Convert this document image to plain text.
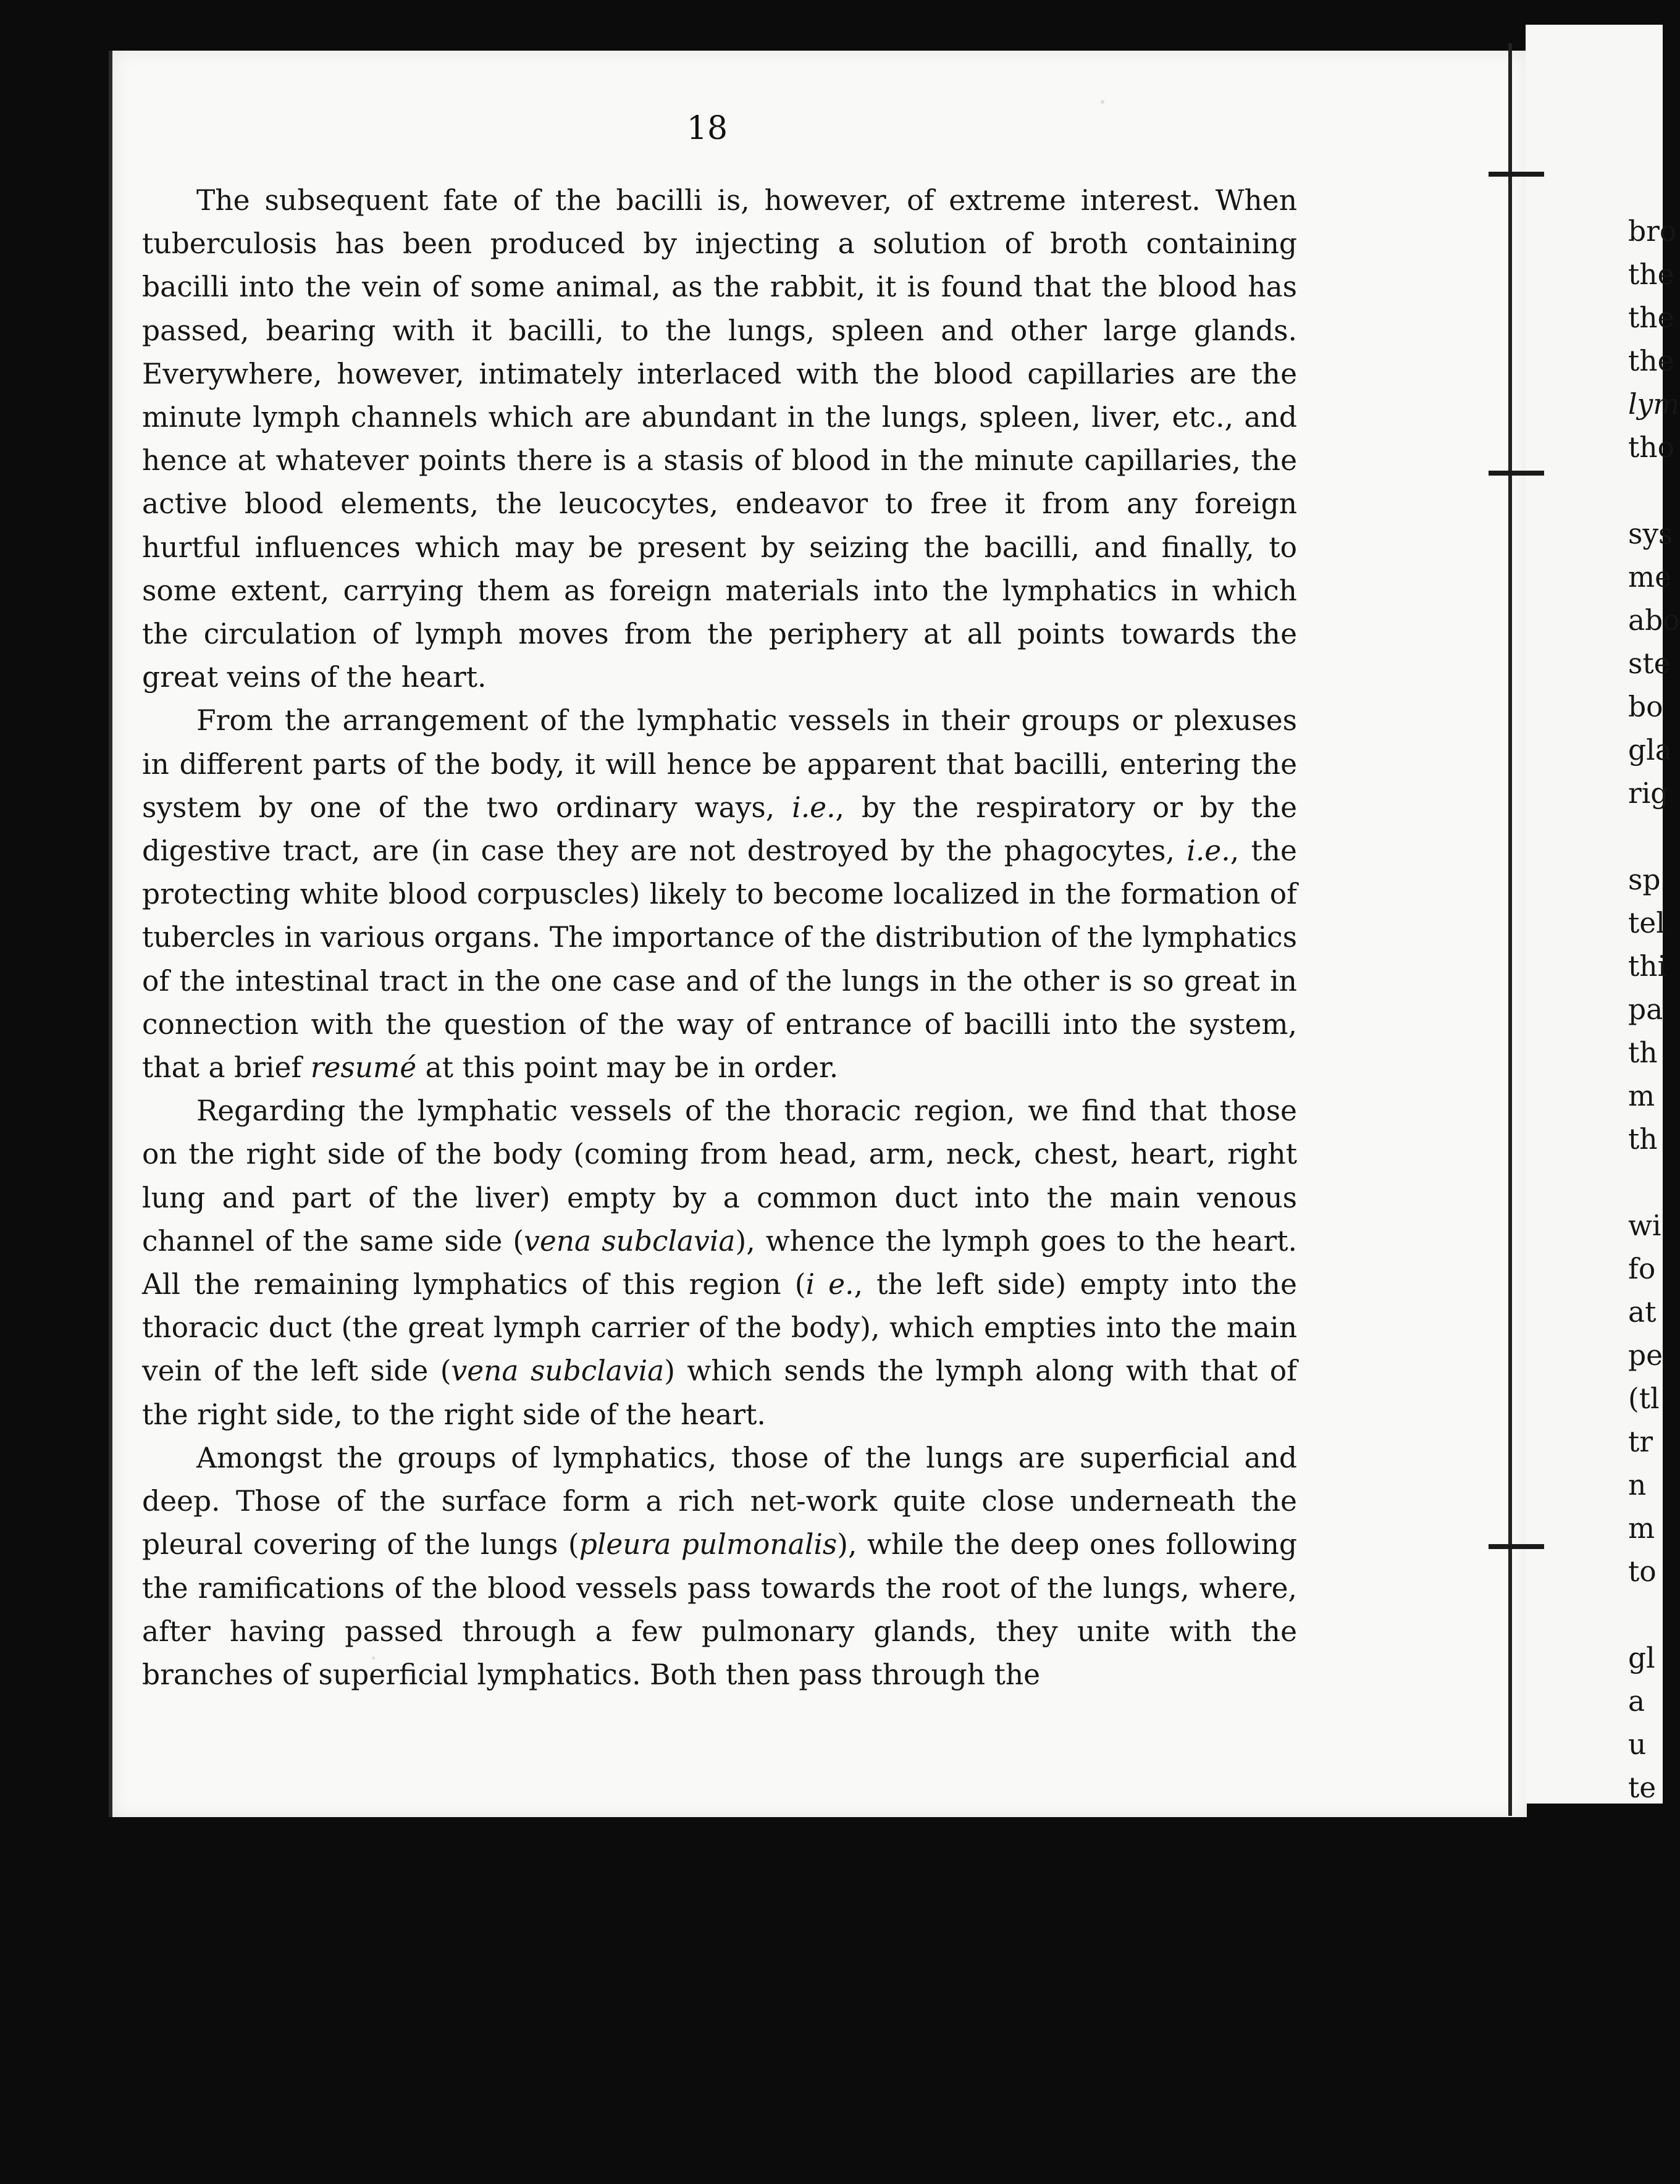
18

The subsequent fate of the bacilli is, however, of extreme interest. When tuberculosis has been produced by injecting a solution of broth containing bacilli into the vein of some animal, as the rabbit, it is found that the blood has passed, bearing with it bacilli, to the lungs, spleen and other large glands. Everywhere, however, intimately interlaced with the blood capillaries are the minute lymph channels which are abundant in the lungs, spleen, liver, etc., and hence at whatever points there is a stasis of blood in the minute capillaries, the active blood elements, the leucocytes, endeavor to free it from any foreign hurtful influences which may be present by seizing the bacilli, and finally, to some extent, carrying them as foreign materials into the lymphatics in which the circulation of lymph moves from the periphery at all points towards the great veins of the heart.

From the arrangement of the lymphatic vessels in their groups or plexuses in different parts of the body, it will hence be apparent that bacilli, entering the system by one of the two ordinary ways, i.e., by the respiratory or by the digestive tract, are (in case they are not destroyed by the phagocytes, i.e., the protecting white blood corpuscles) likely to become localized in the formation of tubercles in various organs. The importance of the distribution of the lymphatics of the intestinal tract in the one case and of the lungs in the other is so great in connection with the question of the way of entrance of bacilli into the system, that a brief resumé at this point may be in order.

Regarding the lymphatic vessels of the thoracic region, we find that those on the right side of the body (coming from head, arm, neck, chest, heart, right lung and part of the liver) empty by a common duct into the main venous channel of the same side (vena subclavia), whence the lymph goes to the heart. All the remaining lymphatics of this region (i e., the left side) empty into the thoracic duct (the great lymph carrier of the body), which empties into the main vein of the left side (vena subclavia) which sends the lymph along with that of the right side, to the right side of the heart.

Amongst the groups of lymphatics, those of the lungs are superficial and deep. Those of the surface form a rich net-work quite close underneath the pleural covering of the lungs (pleura pulmonalis), while the deep ones following the ramifications of the blood vessels pass towards the root of the lungs, where, after having passed through a few pulmonary glands, they unite with the branches of superficial lymphatics. Both then pass through the

bro
the
the
the
lym
tho
sys
me
abo
ste
bo
gla
rig
sp
tel
thi
pa
th
m
th
wi
fo
at
pe
(tl
tr
n
m
to
gl
a
u
te
